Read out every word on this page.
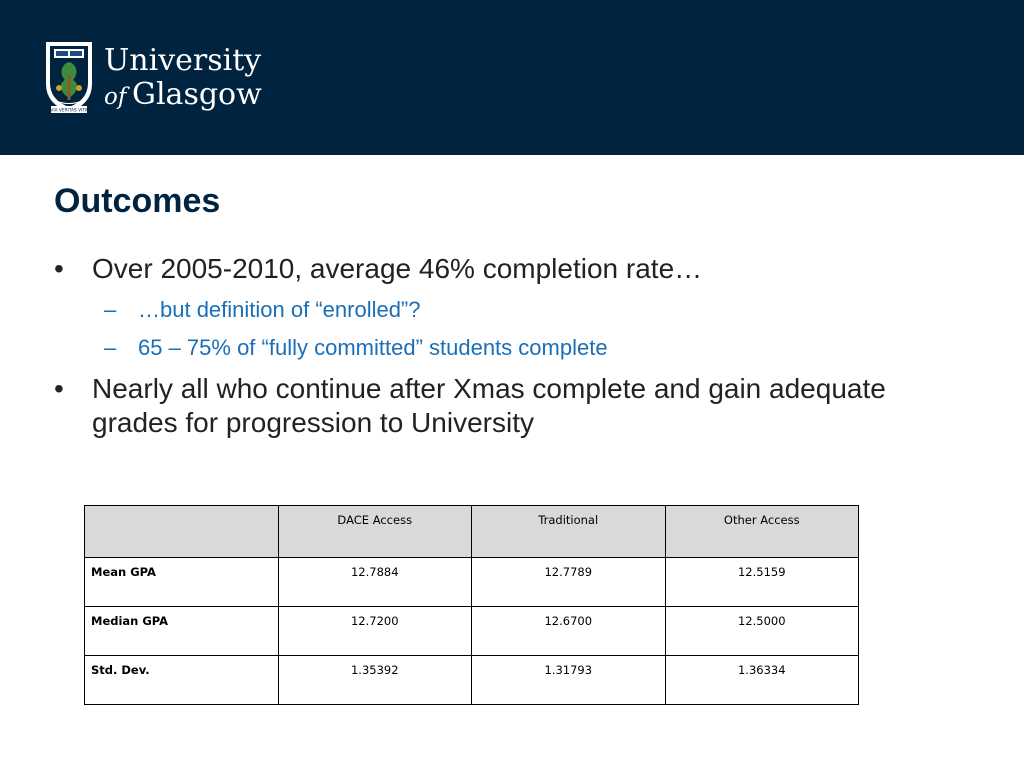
VIA VERITAS VITA
University
of Glasgow
Outcomes
• Over 2005-2010, average 46% completion rate…
– …but definition of “enrolled”?
– 65 – 75% of “fully committed” students complete
• Nearly all who continue after Xmas complete and gain adequate grades for progression to University
	DACE Access	Traditional	Other Access
Mean GPA	12.7884	12.7789	12.5159
Median GPA	12.7200	12.6700	12.5000
Std. Dev.	1.35392	1.31793	1.36334
